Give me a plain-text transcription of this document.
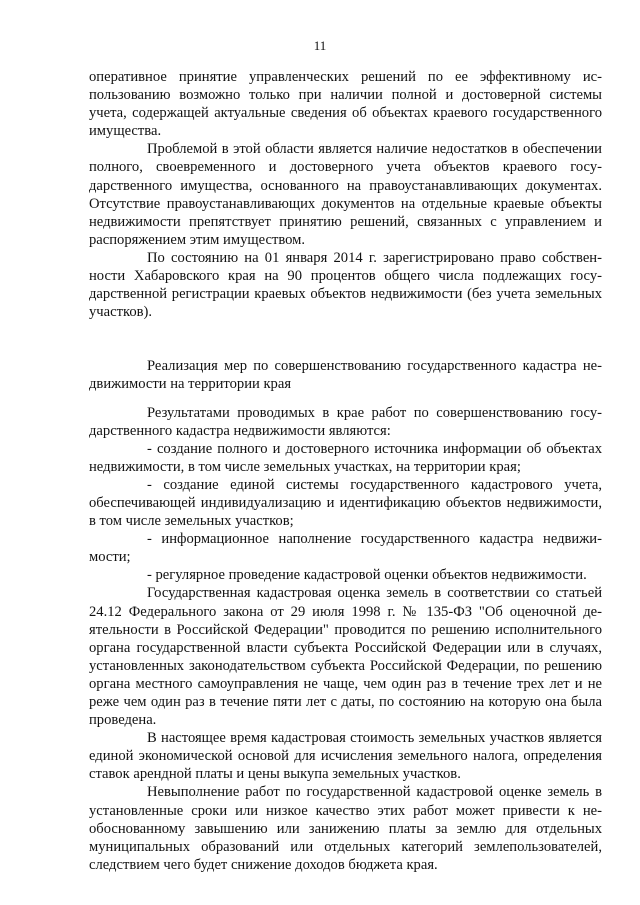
11

оперативное принятие управленческих решений по ее эффективному использованию возможно только при наличии полной и достоверной системы учета, содержащей актуальные сведения об объектах краевого государственного имущества.

Проблемой в этой области является наличие недостатков в обеспечении полного, своевременного и достоверного учета объектов краевого государственного имущества, основанного на правоустанавливающих документах. Отсутствие правоустанавливающих документов на отдельные краевые объекты недвижимости препятствует принятию решений, связанных с управлением и распоряжением этим имуществом.

По состоянию на 01 января 2014 г. зарегистрировано право собственности Хабаровского края на 90 процентов общего числа подлежащих государственной регистрации краевых объектов недвижимости (без учета земельных участков).

Реализация мер по совершенствованию государственного кадастра недвижимости на территории края

Результатами проводимых в крае работ по совершенствованию государственного кадастра недвижимости являются:

- создание полного и достоверного источника информации об объектах недвижимости, в том числе земельных участках, на территории края;

- создание единой системы государственного кадастрового учета, обеспечивающей индивидуализацию и идентификацию объектов недвижимости, в том числе земельных участков;

- информационное наполнение государственного кадастра недвижимости;

- регулярное проведение кадастровой оценки объектов недвижимости.

Государственная кадастровая оценка земель в соответствии со статьей 24.12 Федерального закона от 29 июля 1998 г. № 135-ФЗ "Об оценочной деятельности в Российской Федерации" проводится по решению исполнительного органа государственной власти субъекта Российской Федерации или в случаях, установленных законодательством субъекта Российской Федерации, по решению органа местного самоуправления не чаще, чем один раз в течение трех лет и не реже чем один раз в течение пяти лет с даты, по состоянию на которую она была проведена.

В настоящее время кадастровая стоимость земельных участков является единой экономической основой для исчисления земельного налога, определения ставок арендной платы и цены выкупа земельных участков.

Невыполнение работ по государственной кадастровой оценке земель в установленные сроки или низкое качество этих работ может привести к необоснованному завышению или занижению платы за землю для отдельных муниципальных образований или отдельных категорий землепользователей, следствием чего будет снижение доходов бюджета края.
